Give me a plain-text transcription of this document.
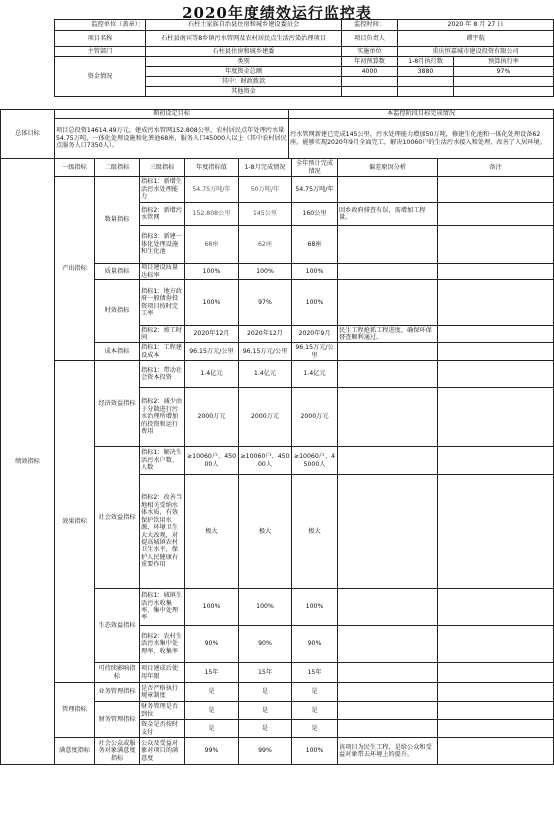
2020年度绩效运行监控表
监控单位（盖章）：	石柱土家族自治县住房和城乡建设委员会	监控时间：	2020 年 8 月 27 日	
项目名称	石柱县南宾等8乡镇污水管网及农村居民点生活污染治理项目	项目负责人	谭宇航	
主管部门	石柱县住房和城乡建委	实施单位	重庆恒嘉城市建设投资有限公司	
资金情况	类别	年初预算数	1-8月执行数	预算执行率
	年度资金总额	4000	3880	97%
	其中：财政拨款			
	其他资金			
总体目标	期初设定目标	本监控阶段目标完成情况
	项目总投资14614.49万元，建成污水管网152.808公里，农村居民点年处理污水量54.75万吨，一体化处理设施和化粪池68座，服务人口45000人以上（其中农村居民点服务人口7350人）。	污水管网新建已完成145公里，污水处理能力增加50万吨，修建生化池和一体化处理设备62座，能够实现2020年9月全面完工，解决10060户的生活污水接入和处理，改善了人居环境。
绩效指标	一级指标	二级指标	三级指标	年度指标值	1-8月完成情况	全年预计完成情况	偏差原因分析	备注
	产出指标	数量指标	指标1：新增生活污水处理能力	54.75万吨/年	50万吨/年	54.75万吨/年		
			指标2：新增污水管网	152.808公里	145公里	160公里	因乡政府排查有误，需增加工程量。	
			指标3：新建一体化处理设施和生化池	68座	62座	68座		
		质量指标	项目建设质量达标率	100%	100%	100%		
		时效指标	指标1：地方政府一般债券投资项目按时完工率	100%	97%	100%		
			指标2：竣工时间	2020年12月	2020年12月	2020年9月	民生工程抢抓工程进度，确保环保督查顺利通过。	
		成本指标	指标1：工程建设成本	96.15万元/公里	96.15万元/公里	96.15万元/公里		
	效果指标	经济效益指标	指标1：带动社会资本投资	1.4亿元	1.4亿元	1.4亿元		
			指标2：减少由于分散进行污水治理所增加的投资和运行费用	2000万元	2000万元	2000万元		
		社会效益指标	指标1：解决生活污水户数、人数	≥10060户、45000人	≥10060户、45000人	≥10060户、45000人		
			指标2：改善当地相关受纳水体水质，有效保护饮用水源，环境卫生大大改观，对提高城镇农村卫生水平，保护人民健康有重要作用	极大	极大	极大		
		生态效益指标	指标1：城镇生活污水收集率、集中处理率	100%	100%	100%		
			指标2：农村生活污水集中处理率、收集率	90%	90%	90%		
		可持续影响指标	项目建成后使用年限	15年	15年	15年		
	管理指标	业务管理指标	是否严格执行规章制度	是	是	是		
		财务管理指标	财务管理是否到位	是	是	是		
			资金是否按时支付	是	是	是		
	满意度指标	社会公众或服务对象满意度指标	公众及受益对象对项目的满意度	99%	99%	100%	该项目为民生工程，是给公众和受益对象带去环境上的提升。	
